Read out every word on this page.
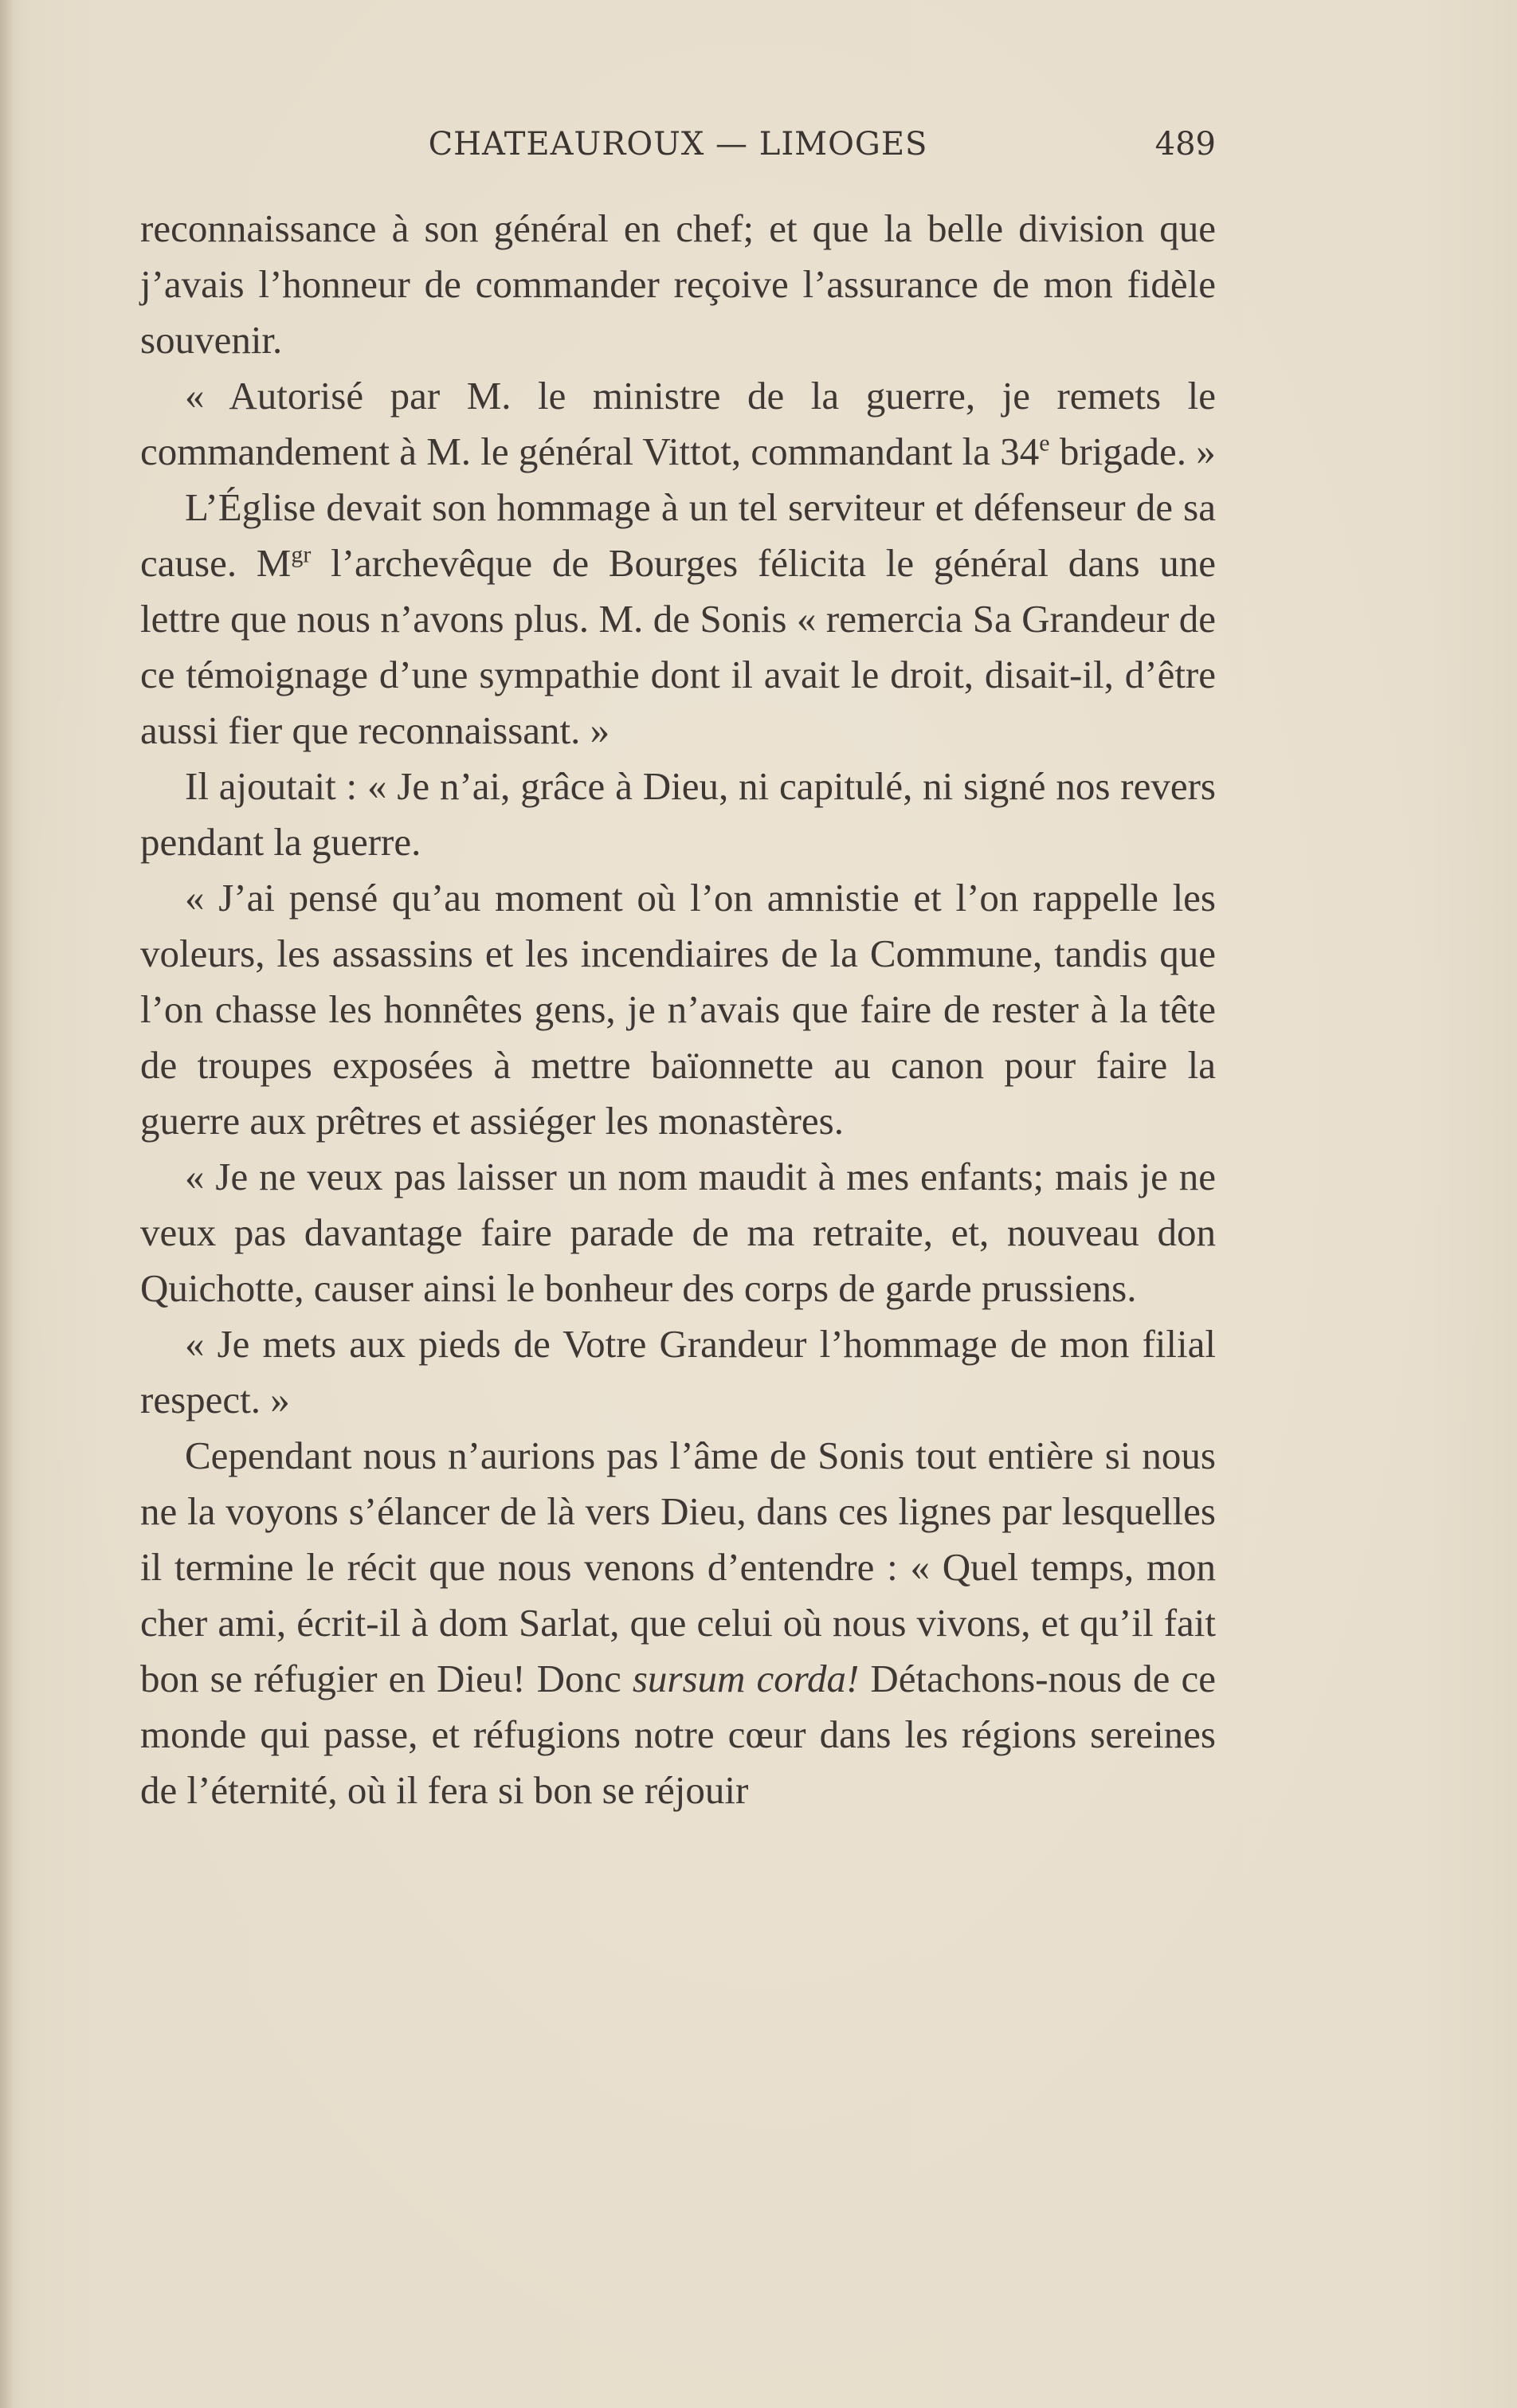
CHATEAUROUX — LIMOGES	489

reconnaissance à son général en chef; et que la belle division que j’avais l’honneur de commander reçoive l’assurance de mon fidèle souvenir.

« Autorisé par M. le ministre de la guerre, je remets le commandement à M. le général Vittot, commandant la 34e brigade. »

L’Église devait son hommage à un tel serviteur et défenseur de sa cause. $M^{gr}$ l’archevêque de Bourges félicita le général dans une lettre que nous n’avons plus. M. de Sonis « remercia Sa Grandeur de ce témoignage d’une sympathie dont il avait le droit, disait-il, d’être aussi fier que reconnaissant. »

Il ajoutait : « Je n’ai, grâce à Dieu, ni capitulé, ni signé nos revers pendant la guerre.

« J’ai pensé qu’au moment où l’on amnistie et l’on rappelle les voleurs, les assassins et les incendiaires de la Commune, tandis que l’on chasse les honnêtes gens, je n’avais que faire de rester à la tête de troupes exposées à mettre baïonnette au canon pour faire la guerre aux prêtres et assiéger les monastères.

« Je ne veux pas laisser un nom maudit à mes enfants; mais je ne veux pas davantage faire parade de ma retraite, et, nouveau don Quichotte, causer ainsi le bonheur des corps de garde prussiens.

« Je mets aux pieds de Votre Grandeur l’hommage de mon filial respect. »

Cependant nous n’aurions pas l’âme de Sonis tout entière si nous ne la voyons s’élancer de là vers Dieu, dans ces lignes par lesquelles il termine le récit que nous venons d’entendre : « Quel temps, mon cher ami, écrit-il à dom Sarlat, que celui où nous vivons, et qu’il fait bon se réfugier en Dieu! Donc sursum corda! Détachons-nous de ce monde qui passe, et réfugions notre cœur dans les régions sereines de l’éternité, où il fera si bon se réjouir
